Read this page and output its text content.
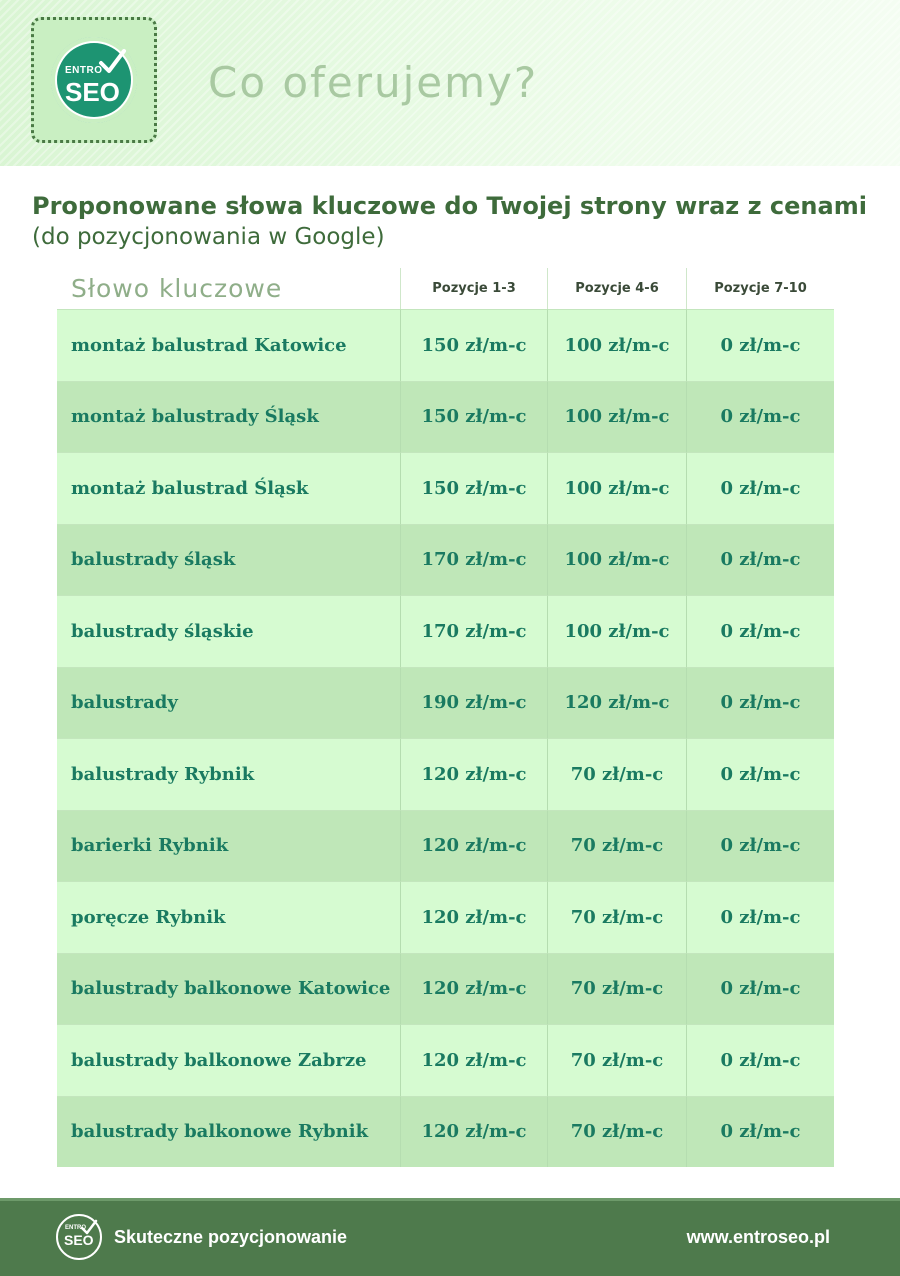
ENTRO
SEO Co oferujemy?
Proponowane słowa kluczowe do Twojej strony wraz z cenami
(do pozycjonowania w Google)
Słowo kluczowe	Pozycje 1-3	Pozycje 4-6	Pozycje 7-10
montaż balustrad Katowice	150 zł/m-c	100 zł/m-c	0 zł/m-c
montaż balustrady Śląsk	150 zł/m-c	100 zł/m-c	0 zł/m-c
montaż balustrad Śląsk	150 zł/m-c	100 zł/m-c	0 zł/m-c
balustrady śląsk	170 zł/m-c	100 zł/m-c	0 zł/m-c
balustrady śląskie	170 zł/m-c	100 zł/m-c	0 zł/m-c
balustrady	190 zł/m-c	120 zł/m-c	0 zł/m-c
balustrady Rybnik	120 zł/m-c	70 zł/m-c	0 zł/m-c
barierki Rybnik	120 zł/m-c	70 zł/m-c	0 zł/m-c
poręcze Rybnik	120 zł/m-c	70 zł/m-c	0 zł/m-c
balustrady balkonowe Katowice	120 zł/m-c	70 zł/m-c	0 zł/m-c
balustrady balkonowe Zabrze	120 zł/m-c	70 zł/m-c	0 zł/m-c
balustrady balkonowe Rybnik	120 zł/m-c	70 zł/m-c	0 zł/m-c
ENTRO
SEO Skuteczne pozycjonowanie	www.entroseo.pl
